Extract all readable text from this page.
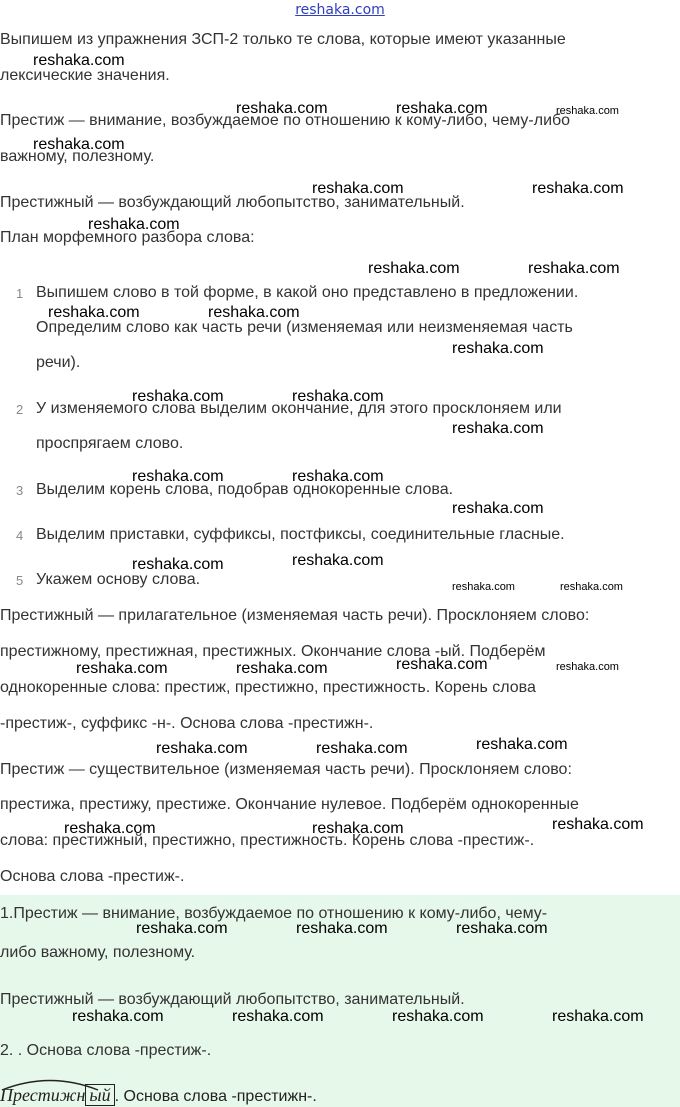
reshaka.com
Выпишем из упражнения ЗСП-2 только те слова, которые имеют указанные
лексические значения.
Престиж — внимание, возбуждаемое по отношению к кому-либо, чему-либо
важному, полезному.
Престижный — возбуждающий любопытство, занимательный.
План морфемного разбора слова:
1 Выпишем слово в той форме, в какой оно представлено в предложении.
Определим слово как часть речи (изменяемая или неизменяемая часть
речи).
2 У изменяемого слова выделим окончание, для этого просклоняем или
проспрягаем слово.
3 Выделим корень слова, подобрав однокоренные слова.
4 Выделим приставки, суффиксы, постфиксы, соединительные гласные.
5 Укажем основу слова.
Престижный — прилагательное (изменяемая часть речи). Просклоняем слово:
престижному, престижная, престижных. Окончание слова -ый. Подберём
однокоренные слова: престиж, престижно, престижность. Корень слова
-престиж-, суффикс -н-. Основа слова -престижн-.
Престиж — существительное (изменяемая часть речи). Просклоняем слово:
престижа, престижу, престиже. Окончание нулевое. Подберём однокоренные
слова: престижный, престижно, престижность. Корень слова -престиж-.
Основа слова -престиж-.
1.Престиж — внимание, возбуждаемое по отношению к кому-либо, чему-
либо важному, полезному.
Престижный — возбуждающий любопытство, занимательный.
2. . Основа слова -престиж-.
Престижн ый . Основа слова -престижн-.
reshaka.com
reshaka.com	reshaka.com	reshaka.com
reshaka.com
reshaka.com	reshaka.com
reshaka.com
reshaka.com	reshaka.com
reshaka.com	reshaka.com
reshaka.com
reshaka.com	reshaka.com
reshaka.com
reshaka.com	reshaka.com
reshaka.com
reshaka.com	reshaka.com
reshaka.com	reshaka.com
reshaka.com	reshaka.com	reshaka.com	reshaka.com
reshaka.com	reshaka.com	reshaka.com
reshaka.com	reshaka.com	reshaka.com
reshaka.com	reshaka.com	reshaka.com
reshaka.com	reshaka.com	reshaka.com	reshaka.com
